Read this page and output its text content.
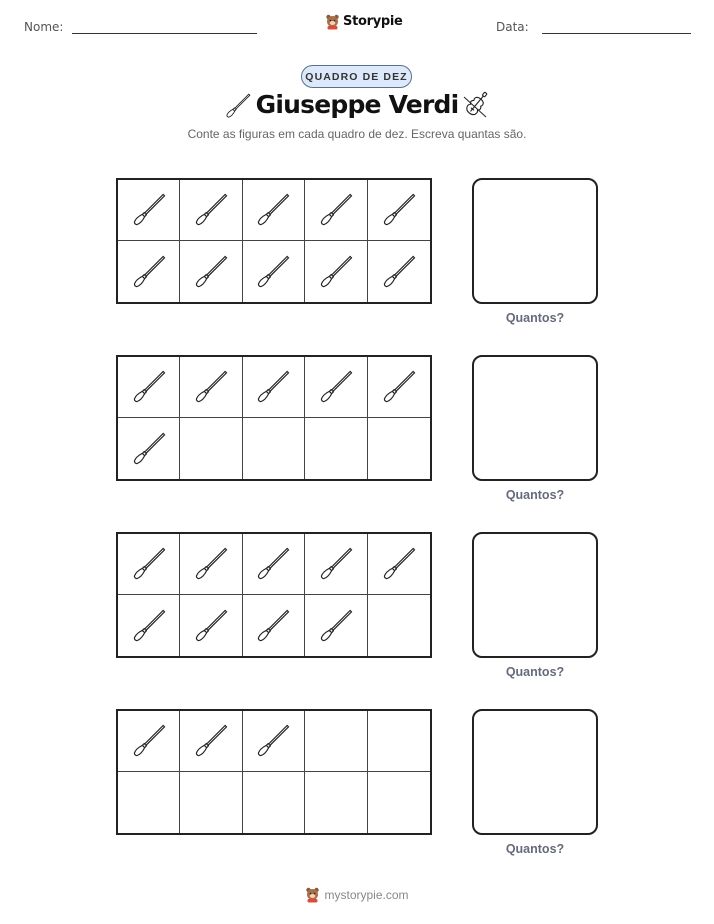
Nome:	Storypie	Data:
QUADRO DE DEZ
Giuseppe Verdi
Conte as figuras em cada quadro de dez. Escreva quantas são.
Quantos?
Quantos?
Quantos?
Quantos?
mystorypie.com
